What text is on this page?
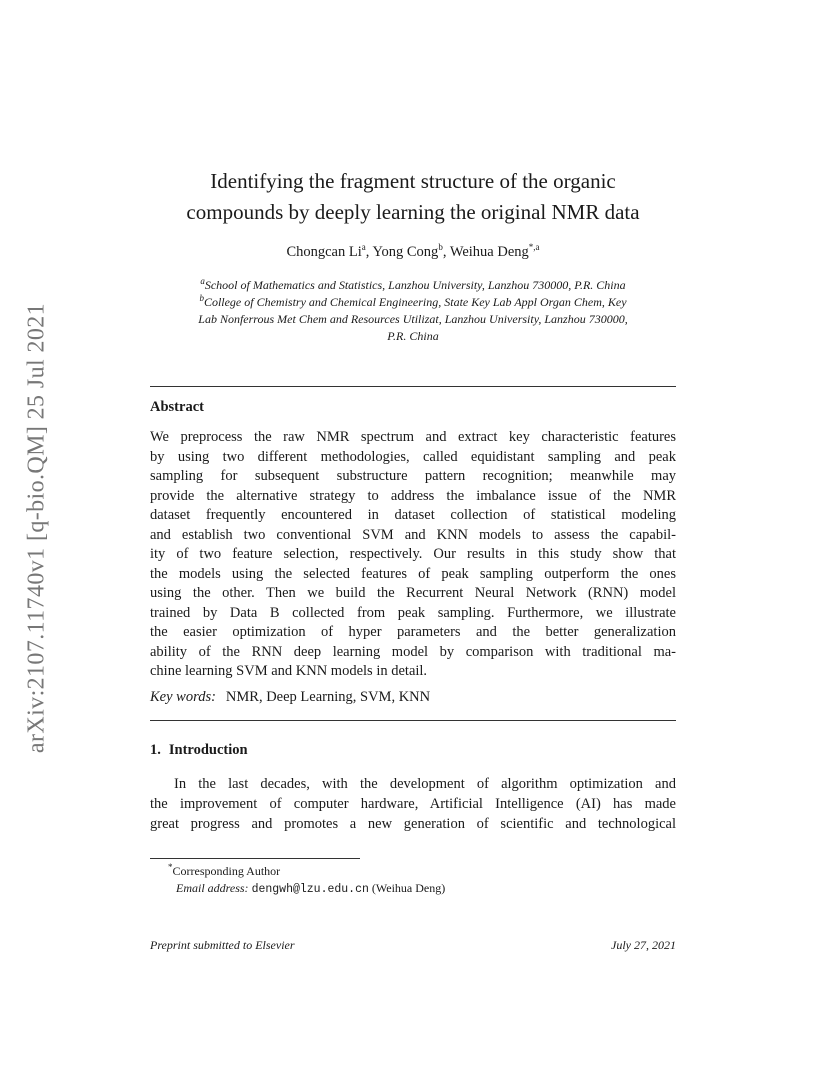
arXiv:2107.11740v1 [q-bio.QM] 25 Jul 2021
Identifying the fragment structure of the organic
compounds by deeply learning the original NMR data
Chongcan Li$^a$, Yong Cong$^b$, Weihua Deng$^{*,a}$
$^a$School of Mathematics and Statistics, Lanzhou University, Lanzhou 730000, P.R. China
$^b$College of Chemistry and Chemical Engineering, State Key Lab Appl Organ Chem, Key
Lab Nonferrous Met Chem and Resources Utilizat, Lanzhou University, Lanzhou 730000,
P.R. China
Abstract
We preprocess the raw NMR spectrum and extract key characteristic features
by using two different methodologies, called equidistant sampling and peak
sampling for subsequent substructure pattern recognition; meanwhile may
provide the alternative strategy to address the imbalance issue of the NMR
dataset frequently encountered in dataset collection of statistical modeling
and establish two conventional SVM and KNN models to assess the capabil-
ity of two feature selection, respectively. Our results in this study show that
the models using the selected features of peak sampling outperform the ones
using the other. Then we build the Recurrent Neural Network (RNN) model
trained by Data B collected from peak sampling. Furthermore, we illustrate
the easier optimization of hyper parameters and the better generalization
ability of the RNN deep learning model by comparison with traditional ma-
chine learning SVM and KNN models in detail.
Key words: NMR, Deep Learning, SVM, KNN
1. Introduction
In the last decades, with the development of algorithm optimization and
the improvement of computer hardware, Artificial Intelligence (AI) has made
great progress and promotes a new generation of scientific and technological
*Corresponding Author
Email address: dengwh@lzu.edu.cn (Weihua Deng)
Preprint submitted to Elsevier	July 27, 2021
